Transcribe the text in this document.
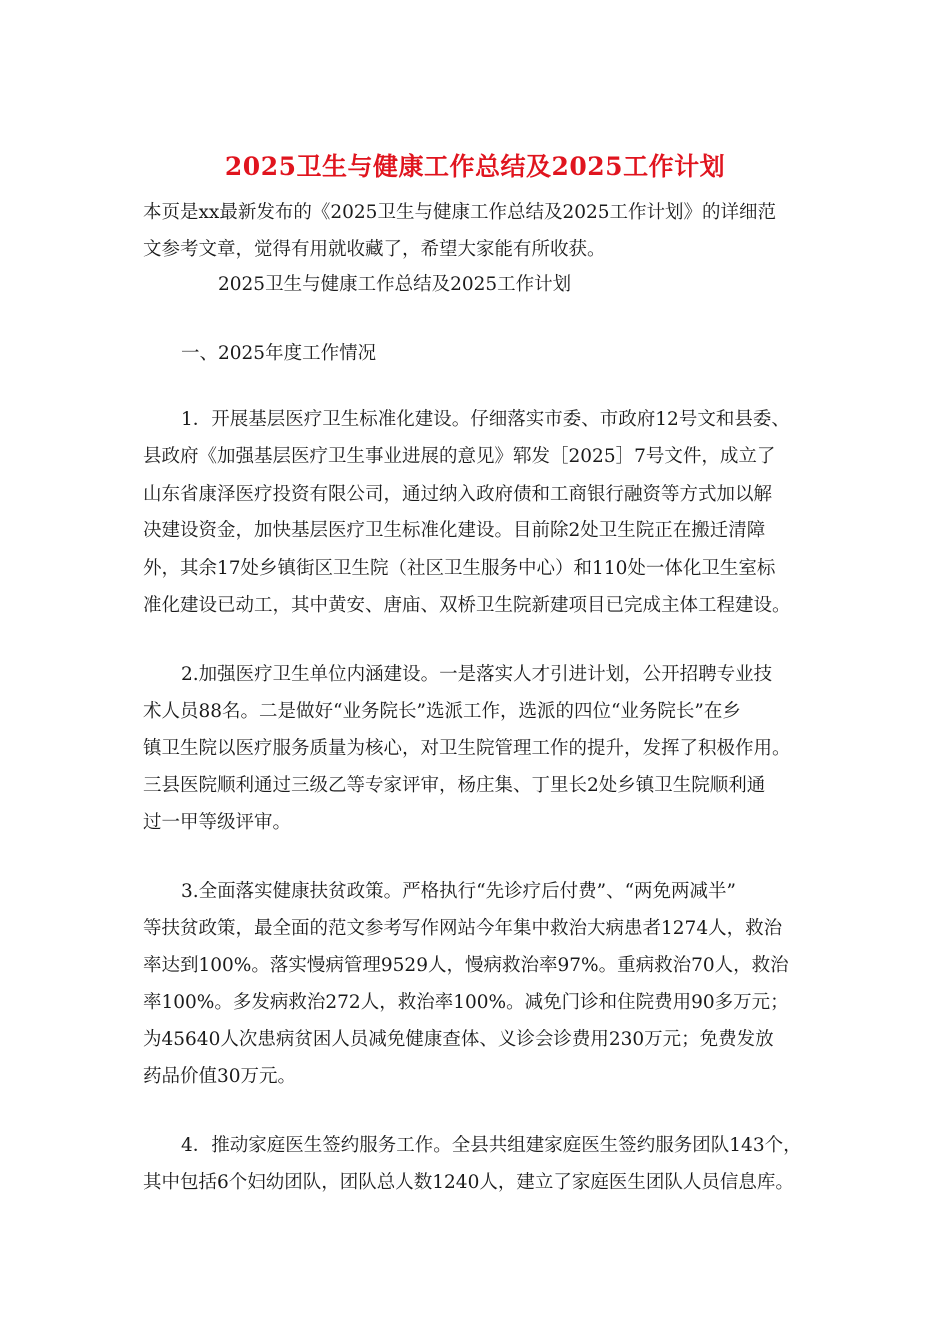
2025卫生与健康工作总结及2025工作计划
本页是xx最新发布的《2025卫生与健康工作总结及2025工作计划》的详细范
文参考文章，觉得有用就收藏了，希望大家能有所收获。
2025卫生与健康工作总结及2025工作计划
一、2025年度工作情况
1．开展基层医疗卫生标准化建设。仔细落实市委、市政府12号文和县委、
县政府《加强基层医疗卫生事业进展的意见》郓发［2025］7号文件，成立了
山东省康泽医疗投资有限公司，通过纳入政府债和工商银行融资等方式加以解
决建设资金，加快基层医疗卫生标准化建设。目前除2处卫生院正在搬迁清障
外，其余17处乡镇街区卫生院（社区卫生服务中心）和110处一体化卫生室标
准化建设已动工，其中黄安、唐庙、双桥卫生院新建项目已完成主体工程建设。
2.加强医疗卫生单位内涵建设。一是落实人才引进计划，公开招聘专业技
术人员88名。二是做好“业务院长”选派工作，选派的四位“业务院长”在乡
镇卫生院以医疗服务质量为核心，对卫生院管理工作的提升，发挥了积极作用。
三县医院顺利通过三级乙等专家评审，杨庄集、丁里长2处乡镇卫生院顺利通
过一甲等级评审。
3.全面落实健康扶贫政策。严格执行“先诊疗后付费”、“两免两减半”
等扶贫政策，最全面的范文参考写作网站今年集中救治大病患者1274人，救治
率达到100%。落实慢病管理9529人，慢病救治率97%。重病救治70人，救治
率100%。多发病救治272人，救治率100%。减免门诊和住院费用90多万元；
为45640人次患病贫困人员减免健康查体、义诊会诊费用230万元；免费发放
药品价值30万元。
4．推动家庭医生签约服务工作。全县共组建家庭医生签约服务团队143个，
其中包括6个妇幼团队，团队总人数1240人，建立了家庭医生团队人员信息库。
